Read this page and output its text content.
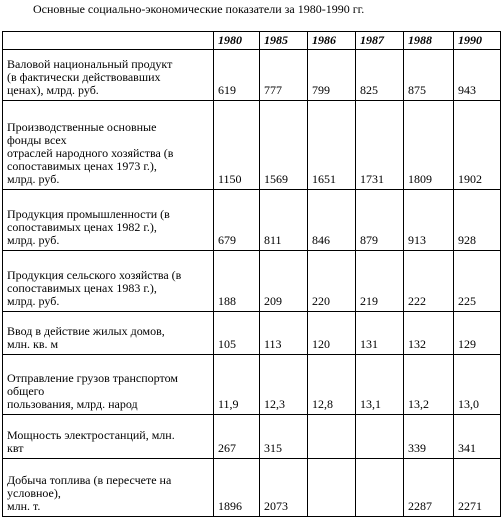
Основные социально-экономические показатели за 1980-1990 гг.
	1980	1985	1986	1987	1988	1990

Валовой национальный продукт
(в фактически действовавших
ценах), млрд. руб.	619	777	799	825	875	943

Производственные основные
фонды всех
отраслей народного хозяйства (в
сопоставимых ценах 1973 г.),
млрд. руб.	1150	1569	1651	1731	1809	1902

Продукция промышленности (в
сопоставимых ценах 1982 г.),
млрд. руб.	679	811	846	879	913	928

Продукция сельского хозяйства (в
сопоставимых ценах 1983 г.),
млрд. руб.	188	209	220	219	222	225

Ввод в действие жилых домов,
млн. кв. м	105	113	120	131	132	129

Отправление грузов транспортом
общего
пользования, млрд. народ	11,9	12,3	12,8	13,1	13,2	13,0

Мощность электростанций, млн.
квт	267	315			339	341

Добыча топлива (в пересчете на
условное),
млн. т.	1896	2073			2287	2271
